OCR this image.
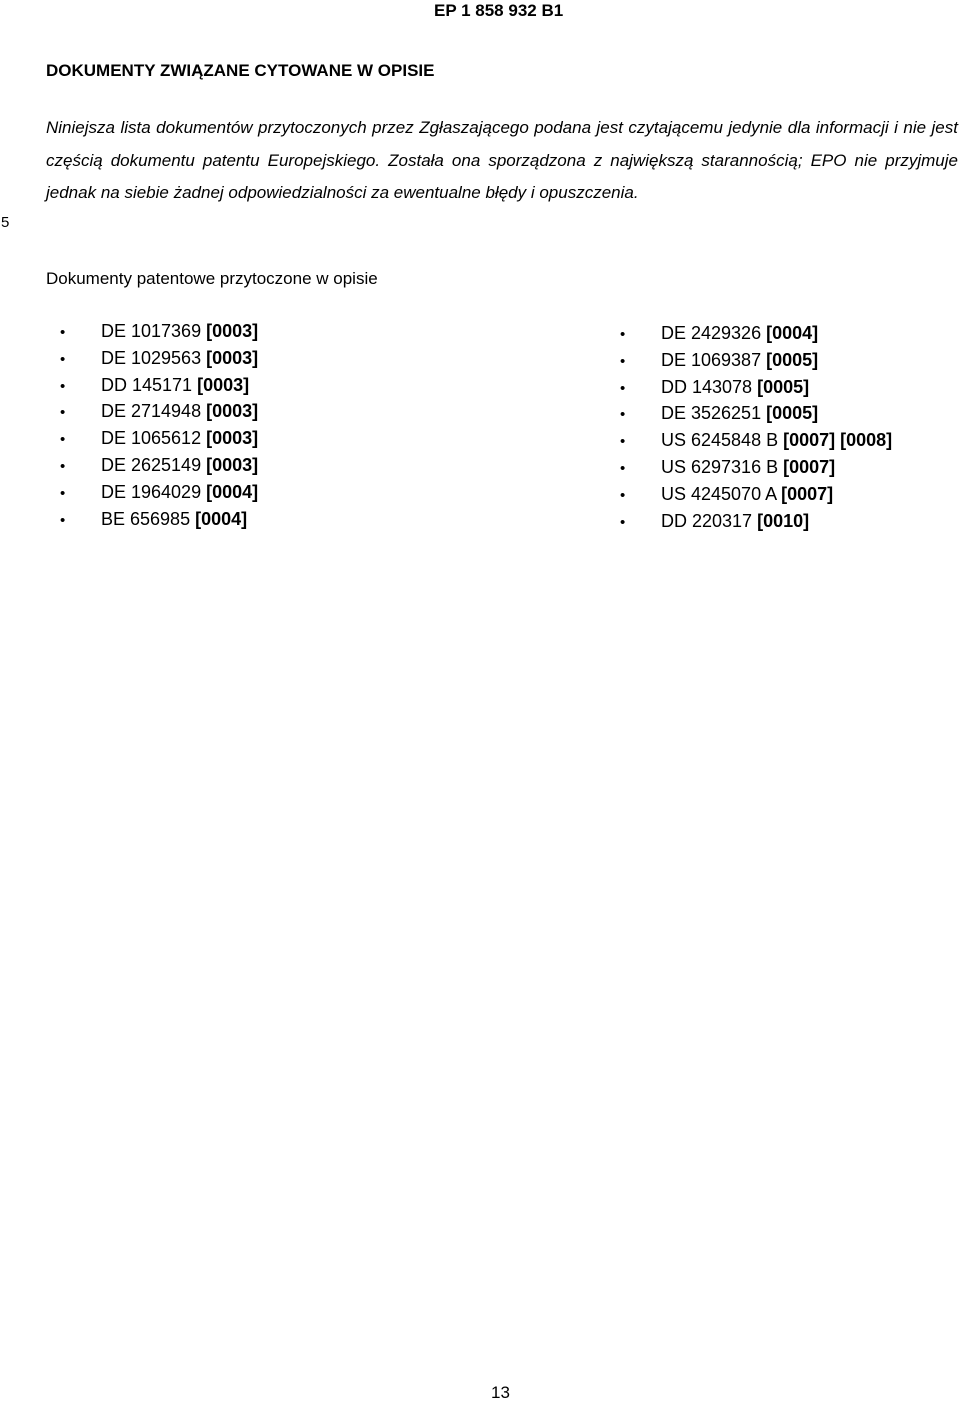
EP 1 858 932 B1
DOKUMENTY ZWIĄZANE CYTOWANE W OPISIE

Niniejsza lista dokumentów przytoczonych przez Zgłaszającego podana jest czytającemu jedynie dla informacji i nie jest częścią dokumentu patentu Europejskiego. Została ona sporządzona z największą starannością; EPO nie przyjmuje jednak na siebie żadnej odpowiedzialności za ewentualne błędy i opuszczenia.

5
Dokumenty patentowe przytoczone w opisie
• DE 1017369 [0003]
• DE 1029563 [0003]
• DD 145171 [0003]
• DE 2714948 [0003]
• DE 1065612 [0003]
• DE 2625149 [0003]
• DE 1964029 [0004]
• BE 656985 [0004]
• DE 2429326 [0004]
• DE 1069387 [0005]
• DD 143078 [0005]
• DE 3526251 [0005]
• US 6245848 B [0007] [0008]
• US 6297316 B [0007]
• US 4245070 A [0007]
• DD 220317 [0010]
13
